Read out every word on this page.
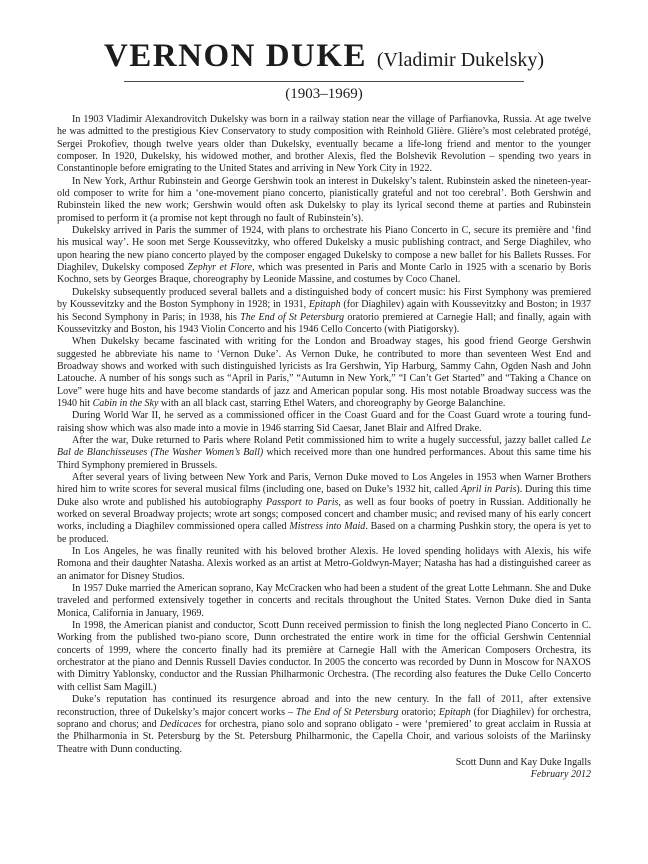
VERNON DUKE (Vladimir Dukelsky)
(1903–1969)

In 1903 Vladimir Alexandrovitch Dukelsky was born in a railway station near the village of Parfianovka, Russia. At age twelve he was admitted to the prestigious Kiev Conservatory to study composition with Reinhold Glière. Glière’s most celebrated protégé, Sergei Prokofiev, though twelve years older than Dukelsky, eventually became a life-long friend and mentor to the younger composer. In 1920, Dukelsky, his widowed mother, and brother Alexis, fled the Bolshevik Revolution – spending two years in Constantinople before emigrating to the United States and arriving in New York City in 1922.

In New York, Arthur Rubinstein and George Gershwin took an interest in Dukelsky’s talent. Rubinstein asked the nineteen-year-old composer to write for him a ‘one-movement piano concerto, pianistically grateful and not too cerebral’. Both Gershwin and Rubinstein liked the new work; Gershwin would often ask Dukelsky to play its lyrical second theme at parties and Rubinstein promised to perform it (a promise not kept through no fault of Rubinstein’s).

Dukelsky arrived in Paris the summer of 1924, with plans to orchestrate his Piano Concerto in C, secure its première and ‘find his musical way’. He soon met Serge Koussevitzky, who offered Dukelsky a music publishing contract, and Serge Diaghilev, who upon hearing the new piano concerto played by the composer engaged Dukelsky to compose a new ballet for his Ballets Russes. For Diaghilev, Dukelsky composed Zephyr et Flore, which was presented in Paris and Monte Carlo in 1925 with a scenario by Boris Kochno, sets by Georges Braque, choreography by Leonide Massine, and costumes by Coco Chanel.

Dukelsky subsequently produced several ballets and a distinguished body of concert music: his First Symphony was premiered by Koussevitzky and the Boston Symphony in 1928; in 1931, Epitaph (for Diaghilev) again with Koussevitzky and Boston; in 1937 his Second Symphony in Paris; in 1938, his The End of St Petersburg oratorio premiered at Carnegie Hall; and finally, again with Koussevitzky and Boston, his 1943 Violin Concerto and his 1946 Cello Concerto (with Piatigorsky).

When Dukelsky became fascinated with writing for the London and Broadway stages, his good friend George Gershwin suggested he abbreviate his name to ‘Vernon Duke’. As Vernon Duke, he contributed to more than seventeen West End and Broadway shows and worked with such distinguished lyricists as Ira Gershwin, Yip Harburg, Sammy Cahn, Ogden Nash and John Latouche. A number of his songs such as “April in Paris,” “Autumn in New York,” “I Can’t Get Started” and “Taking a Chance on Love” were huge hits and have become standards of jazz and American popular song. His most notable Broadway success was the 1940 hit Cabin in the Sky with an all black cast, starring Ethel Waters, and choreography by George Balanchine.

During World War II, he served as a commissioned officer in the Coast Guard and for the Coast Guard wrote a touring fund-raising show which was also made into a movie in 1946 starring Sid Caesar, Janet Blair and Alfred Drake.

After the war, Duke returned to Paris where Roland Petit commissioned him to write a hugely successful, jazzy ballet called Le Bal de Blanchisseuses (The Washer Women’s Ball) which received more than one hundred performances. About this same time his Third Symphony premiered in Brussels.

After several years of living between New York and Paris, Vernon Duke moved to Los Angeles in 1953 when Warner Brothers hired him to write scores for several musical films (including one, based on Duke’s 1932 hit, called April in Paris). During this time Duke also wrote and published his autobiography Passport to Paris, as well as four books of poetry in Russian. Additionally he worked on several Broadway projects; wrote art songs; composed concert and chamber music; and revised many of his early concert works, including a Diaghilev commissioned opera called Mistress into Maid. Based on a charming Pushkin story, the opera is yet to be produced.

In Los Angeles, he was finally reunited with his beloved brother Alexis. He loved spending holidays with Alexis, his wife Romona and their daughter Natasha. Alexis worked as an artist at Metro-Goldwyn-Mayer; Natasha has had a distinguished career as an animator for Disney Studios.

In 1957 Duke married the American soprano, Kay McCracken who had been a student of the great Lotte Lehmann. She and Duke traveled and performed extensively together in concerts and recitals throughout the United States. Vernon Duke died in Santa Monica, California in January, 1969.

In 1998, the American pianist and conductor, Scott Dunn received permission to finish the long neglected Piano Concerto in C. Working from the published two-piano score, Dunn orchestrated the entire work in time for the official Gershwin Centennial concerts of 1999, where the concerto finally had its première at Carnegie Hall with the American Composers Orchestra, its orchestrator at the piano and Dennis Russell Davies conductor. In 2005 the concerto was recorded by Dunn in Moscow for NAXOS with Dimitry Yablonsky, conductor and the Russian Philharmonic Orchestra. (The recording also features the Duke Cello Concerto with cellist Sam Magill.)

Duke’s reputation has continued its resurgence abroad and into the new century. In the fall of 2011, after extensive reconstruction, three of Dukelsky’s major concert works – The End of St Petersburg oratorio; Epitaph (for Diaghilev) for orchestra, soprano and chorus; and Dedicaces for orchestra, piano solo and soprano obligato - were ‘premiered’ to great acclaim in Russia at the Philharmonia in St. Petersburg by the St. Petersburg Philharmonic, the Capella Choir, and various soloists of the Mariinsky Theatre with Dunn conducting.

Scott Dunn and Kay Duke Ingalls
February 2012
